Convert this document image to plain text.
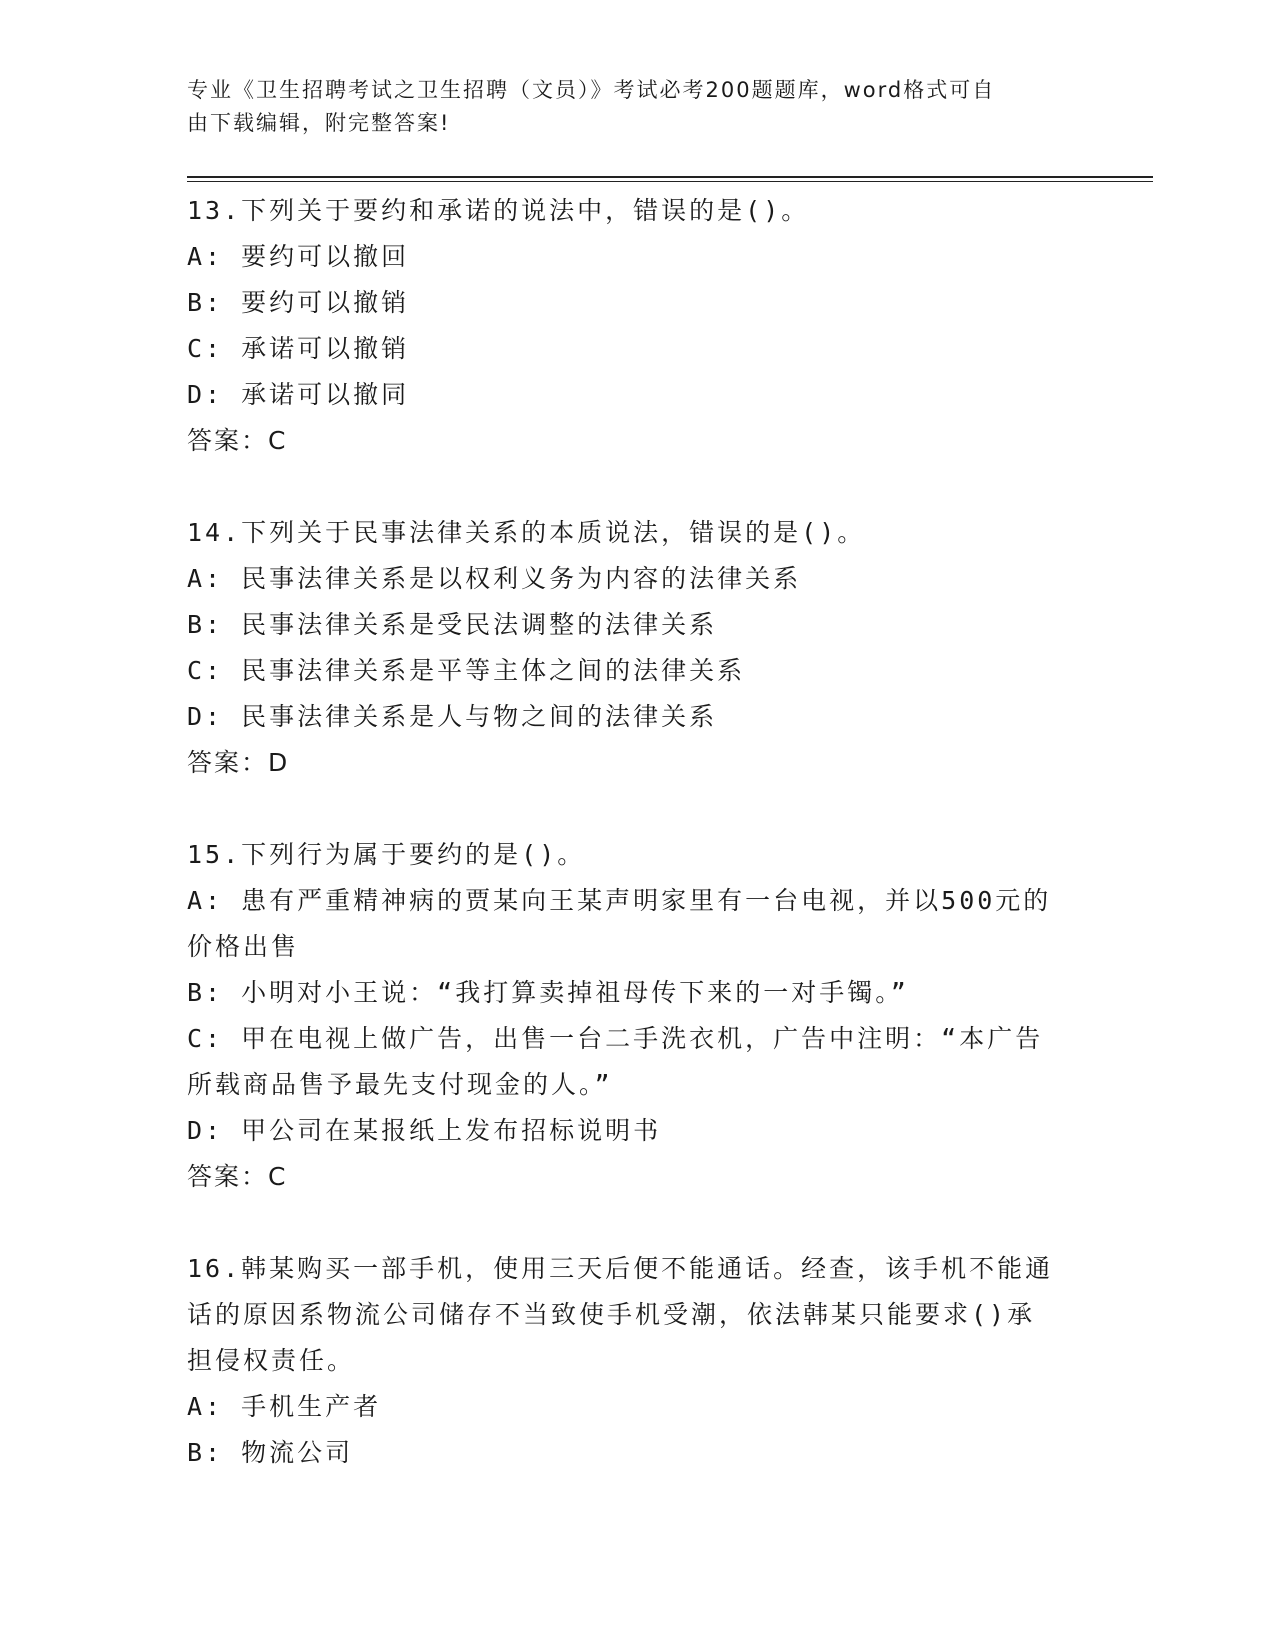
专业《卫生招聘考试之卫生招聘（文员）》考试必考200题题库，word格式可自
由下载编辑，附完整答案!
13.下列关于要约和承诺的说法中，错误的是()。
A: 要约可以撤回
B: 要约可以撤销
C: 承诺可以撤销
D: 承诺可以撤同
答案：C
14.下列关于民事法律关系的本质说法，错误的是()。
A: 民事法律关系是以权利义务为内容的法律关系
B: 民事法律关系是受民法调整的法律关系
C: 民事法律关系是平等主体之间的法律关系
D: 民事法律关系是人与物之间的法律关系
答案：D
15.下列行为属于要约的是()。
A: 患有严重精神病的贾某向王某声明家里有一台电视，并以500元的
价格出售
B: 小明对小王说：“我打算卖掉祖母传下来的一对手镯。”
C: 甲在电视上做广告，出售一台二手洗衣机，广告中注明：“本广告
所载商品售予最先支付现金的人。”
D: 甲公司在某报纸上发布招标说明书
答案：C
16.韩某购买一部手机，使用三天后便不能通话。经查，该手机不能通
话的原因系物流公司储存不当致使手机受潮，依法韩某只能要求()承
担侵权责任。
A: 手机生产者
B: 物流公司
